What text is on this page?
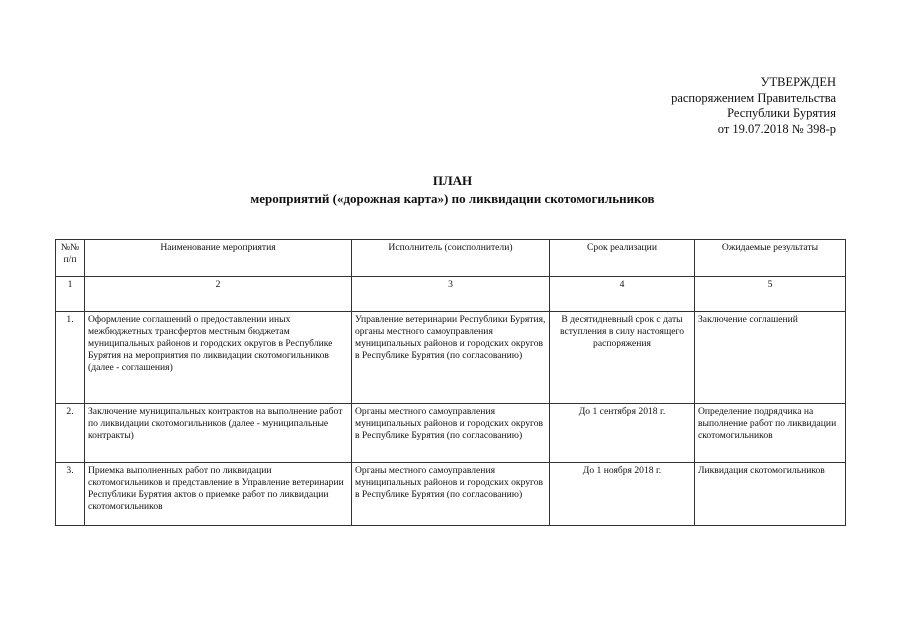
УТВЕРЖДЕН
распоряжением Правительства
Республики Бурятия
от 19.07.2018 № 398-р
ПЛАН
мероприятий («дорожная карта») по ликвидации скотомогильников
№№ п/п	Наименование мероприятия	Исполнитель (соисполнители)	Срок реализации	Ожидаемые результаты
1	2	3	4	5
1.	Оформление соглашений о предоставлении иных межбюджетных трансфертов местным бюджетам муниципальных районов и городских округов в Республике Бурятия на мероприятия по ликвидации скотомогильников (далее - соглашения)	Управление ветеринарии Республики Бурятия, органы местного самоуправления муниципальных районов и городских округов в Республике Бурятия (по согласованию)	В десятидневный срок с даты вступления в силу настоящего распоряжения	Заключение соглашений
2.	Заключение муниципальных контрактов на выполнение работ по ликвидации скотомогильников (далее - муниципальные контракты)	Органы местного самоуправления муниципальных районов и городских округов в Республике Бурятия (по согласованию)	До 1 сентября 2018 г.	Определение подрядчика на выполнение работ по ликвидации скотомогильников
3.	Приемка выполненных работ по ликвидации скотомогильников и представление в Управление ветеринарии Республики Бурятия актов о приемке работ по ликвидации скотомогильников	Органы местного самоуправления муниципальных районов и городских округов в Республике Бурятия (по согласованию)	До 1 ноября 2018 г.	Ликвидация скотомогильников
